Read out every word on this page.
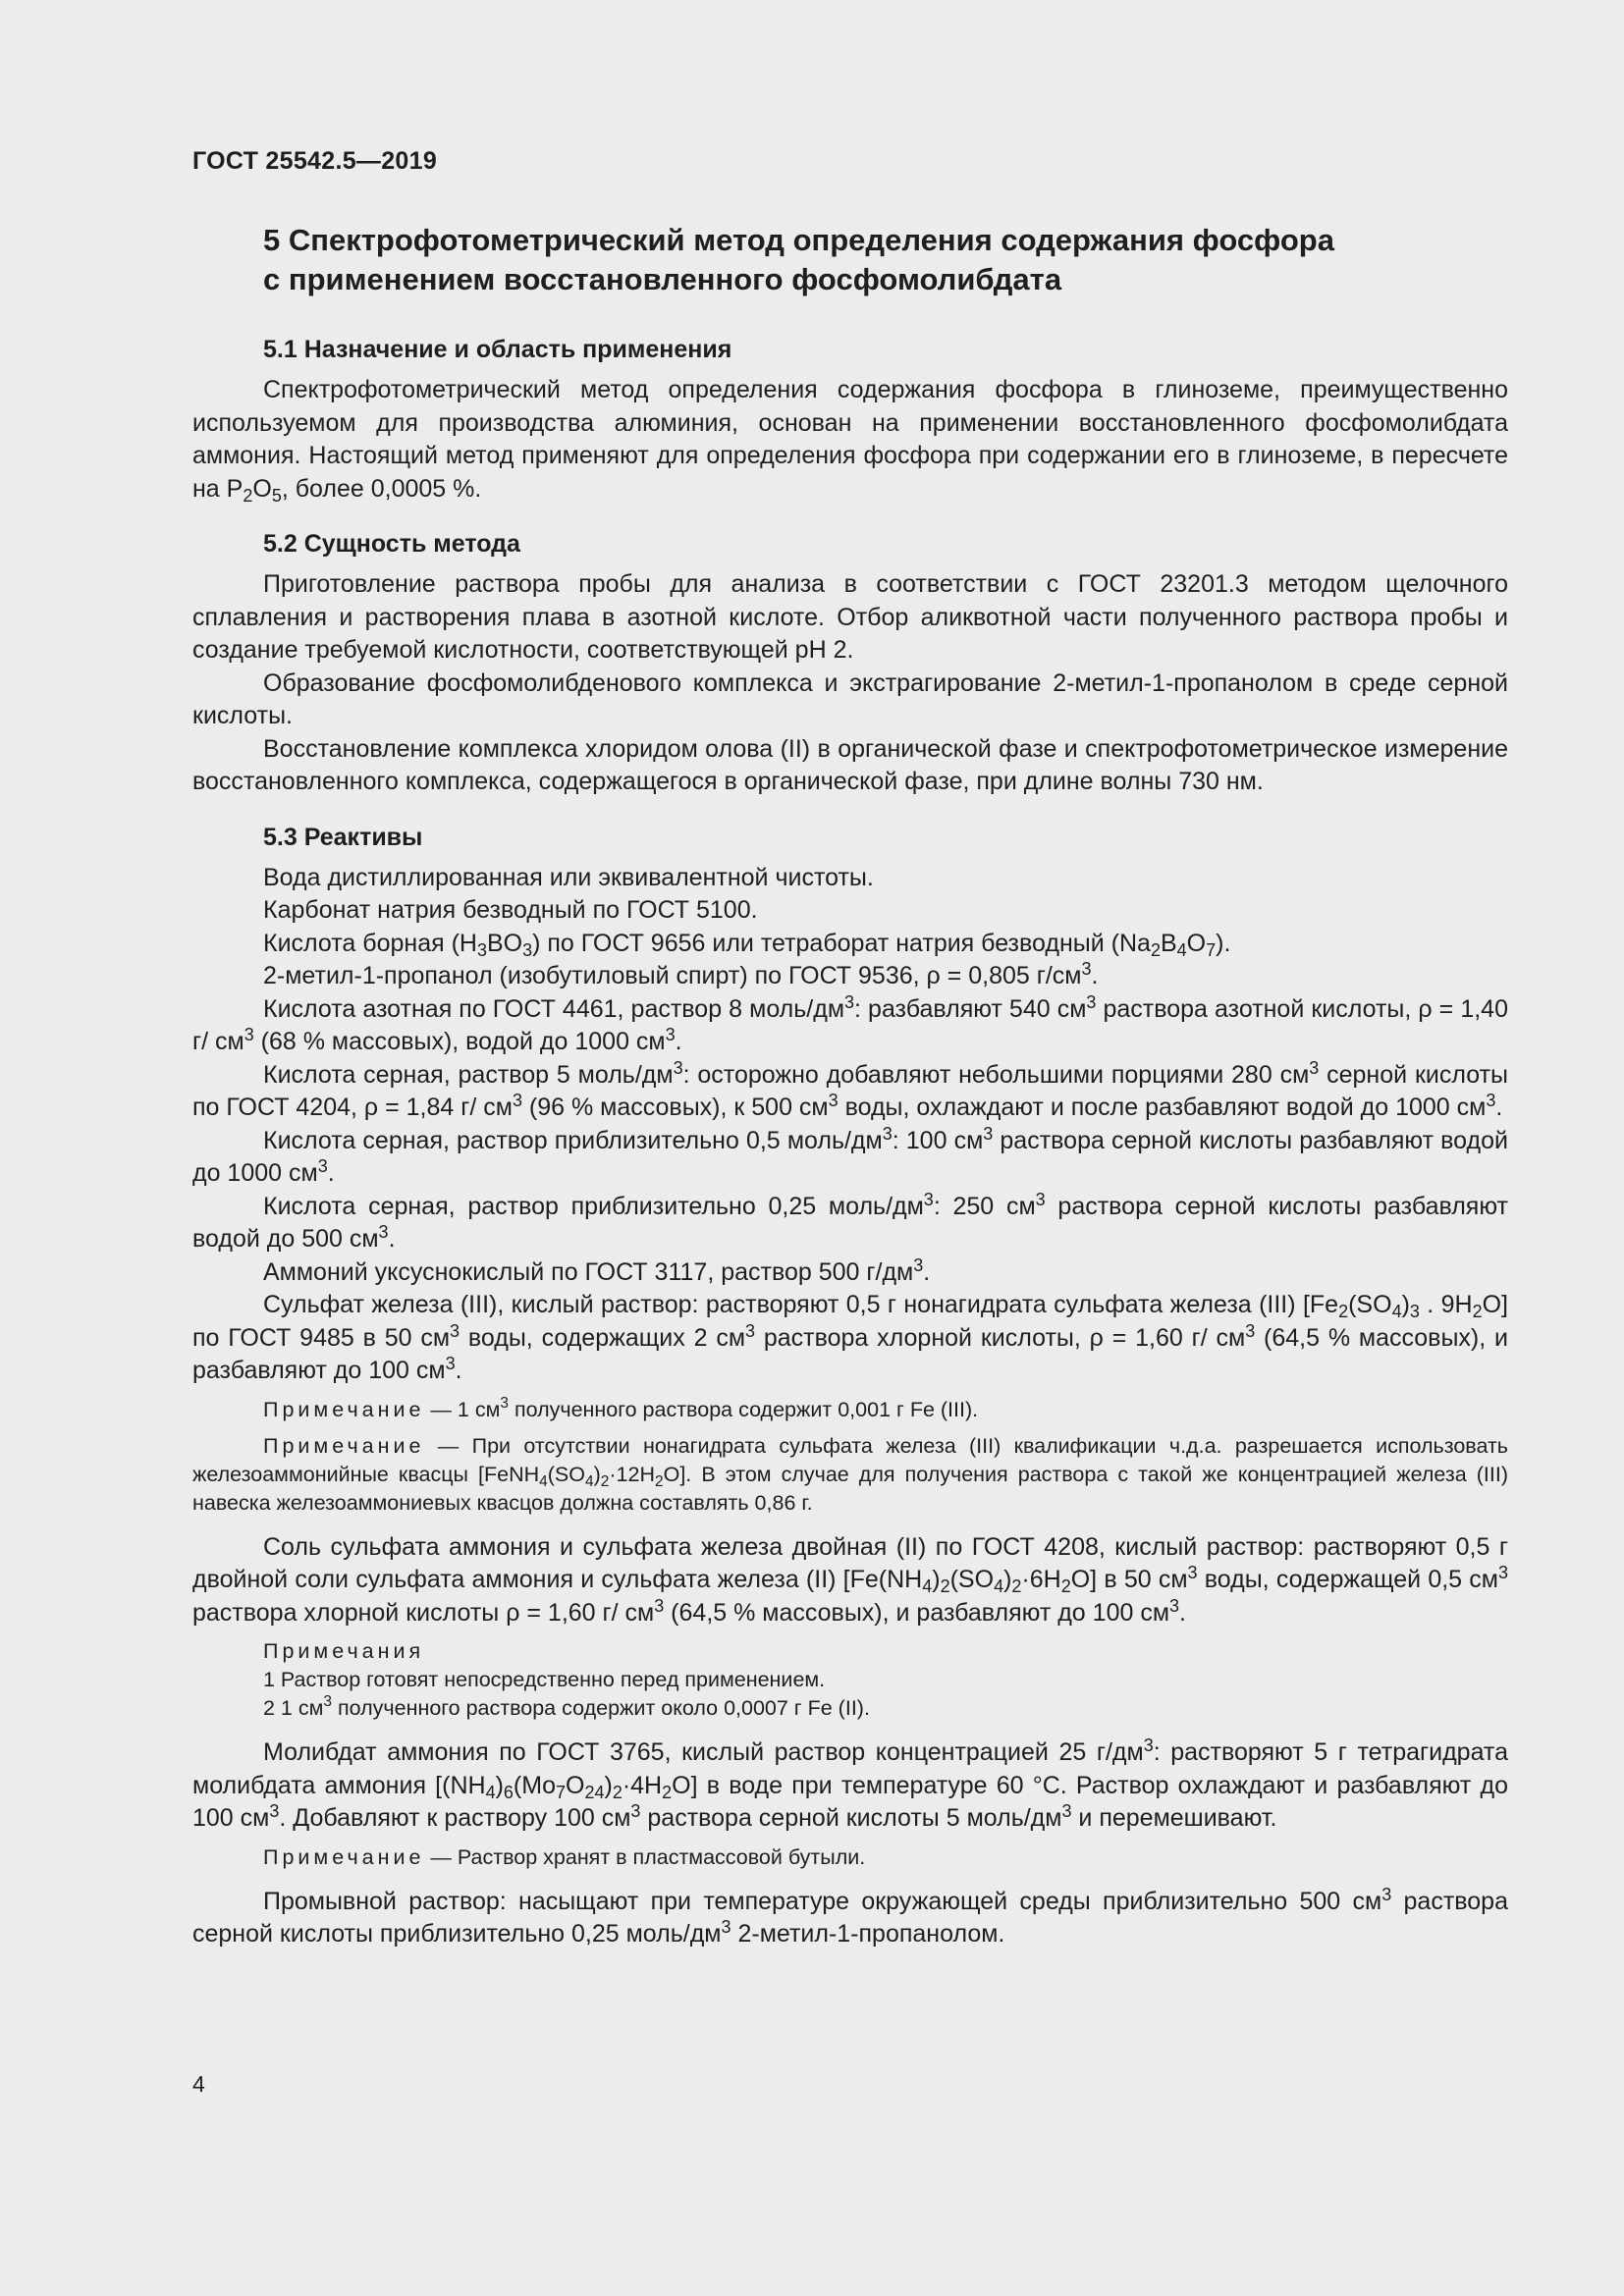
ГОСТ 25542.5—2019
5 Спектрофотометрический метод определения содержания фосфора
с применением восстановленного фосфомолибдата
5.1 Назначение и область применения

Спектрофотометрический метод определения содержания фосфора в глиноземе, преимущественно используемом для производства алюминия, основан на применении восстановленного фосфомолибдата аммония. Настоящий метод применяют для определения фосфора при содержании его в глиноземе, в пересчете на $P_2O_5$, более 0,0005 %.

5.2 Сущность метода

Приготовление раствора пробы для анализа в соответствии с ГОСТ 23201.3 методом щелочного сплавления и растворения плава в азотной кислоте. Отбор аликвотной части полученного раствора пробы и создание требуемой кислотности, соответствующей pH 2.

Образование фосфомолибденового комплекса и экстрагирование 2-метил-1-пропанолом в среде серной кислоты.

Восстановление комплекса хлоридом олова (II) в органической фазе и спектрофотометрическое измерение восстановленного комплекса, содержащегося в органической фазе, при длине волны 730 нм.

5.3 Реактивы

Вода дистиллированная или эквивалентной чистоты.

Карбонат натрия безводный по ГОСТ 5100.

Кислота борная $(H_3BO_3)$ по ГОСТ 9656 или тетраборат натрия безводный $(Na_2B_4O_7)$.

2-метил-1-пропанол (изобутиловый спирт) по ГОСТ 9536, ρ = 0,805 $г/см^3$.

Кислота азотная по ГОСТ 4461, раствор 8 моль/$дм^3$: разбавляют 540 $см^3$ раствора азотной кислоты, ρ = 1,40 г/ $см^3$ (68 % массовых), водой до 1000 $см^3$.

Кислота серная, раствор 5 моль/$дм^3$: осторожно добавляют небольшими порциями 280 $см^3$ серной кислоты по ГОСТ 4204, ρ = 1,84 г/ $см^3$ (96 % массовых), к 500 $см^3$ воды, охлаждают и после разбавляют водой до 1000 $см^3$.

Кислота серная, раствор приблизительно 0,5 моль/$дм^3$: 100 $см^3$ раствора серной кислоты разбавляют водой до 1000 $см^3$.

Кислота серная, раствор приблизительно 0,25 моль/$дм^3$: 250 $см^3$ раствора серной кислоты разбавляют водой до 500 $см^3$.

Аммоний уксуснокислый по ГОСТ 3117, раствор 500 $г/дм^3$.

Сульфат железа (III), кислый раствор: растворяют 0,5 г нонагидрата сульфата железа (III) [$Fe_2(SO_4)_3$ . $9H_2O$] по ГОСТ 9485 в 50 $см^3$ воды, содержащих 2 $см^3$ раствора хлорной кислоты, ρ = 1,60 г/ $см^3$ (64,5 % массовых), и разбавляют до 100 $см^3$.

Примечание — 1 $см^3$ полученного раствора содержит 0,001 г Fe (III).

Примечание — При отсутствии нонагидрата сульфата железа (III) квалификации ч.д.а. разрешается использовать железоаммонийные квасцы $[FeNH_4(SO_4)_2\cdot 12H_2O]$. В этом случае для получения раствора с такой же концентрацией железа (III) навеска железоаммониевых квасцов должна составлять 0,86 г.

Соль сульфата аммония и сульфата железа двойная (II) по ГОСТ 4208, кислый раствор: растворяют 0,5 г двойной соли сульфата аммония и сульфата железа (II) $[Fe(NH_4)_2(SO_4)_2\cdot 6H_2O]$ в 50 $см^3$ воды, содержащей 0,5 $см^3$ раствора хлорной кислоты ρ = 1,60 г/ $см^3$ (64,5 % массовых), и разбавляют до 100 $см^3$.

Примечания

1 Раствор готовят непосредственно перед применением.

2 1 $см^3$ полученного раствора содержит около 0,0007 г Fe (II).

Молибдат аммония по ГОСТ 3765, кислый раствор концентрацией 25 $г/дм^3$: растворяют 5 г тетрагидрата молибдата аммония $[(NH_4)_6(Mo_7O_{24})_2\cdot 4H_2O]$ в воде при температуре 60 °С. Раствор охлаждают и разбавляют до 100 $см^3$. Добавляют к раствору 100 $см^3$ раствора серной кислоты 5 моль/$дм^3$ и перемешивают.

Примечание — Раствор хранят в пластмассовой бутыли.

Промывной раствор: насыщают при температуре окружающей среды приблизительно 500 $см^3$ раствора серной кислоты приблизительно 0,25 моль/$дм^3$ 2-метил-1-пропанолом.

4
